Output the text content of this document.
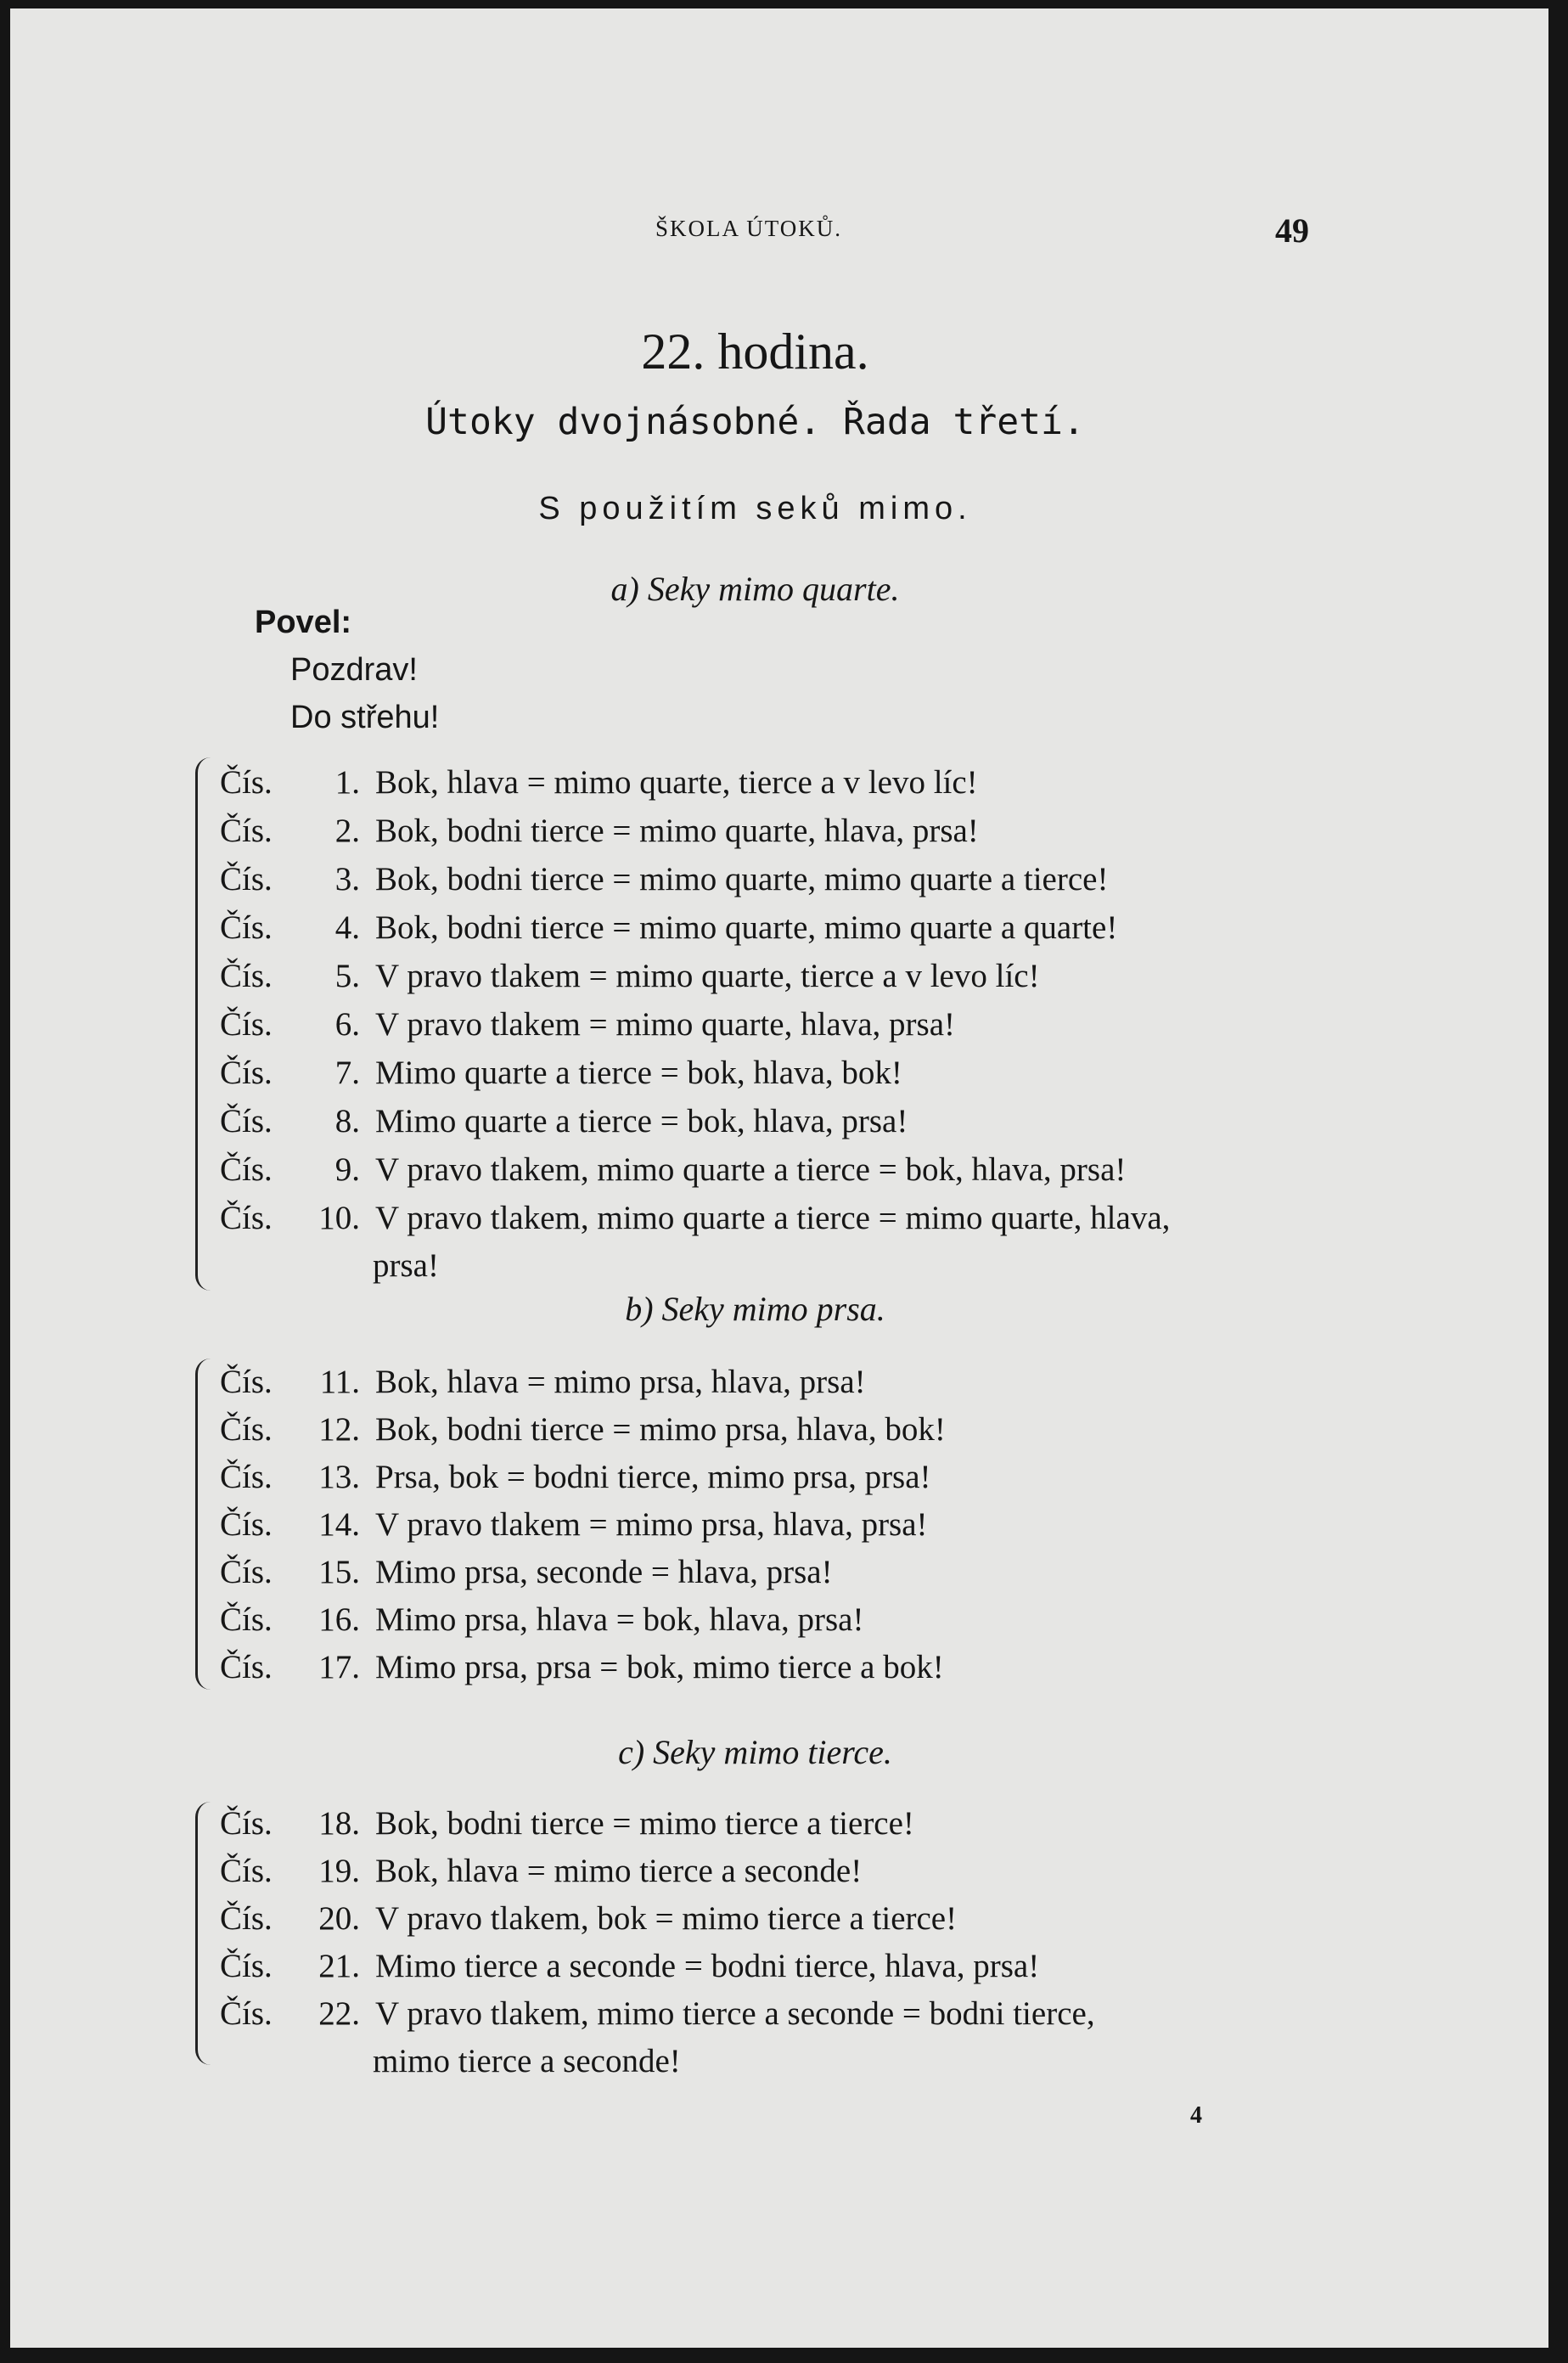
ŠKOLA ÚTOKŮ.	49
22. hodina.
Útoky dvojnásobné. Řada třetí.
S použitím seků mimo.
a) Seky mimo quarte.
Povel:
Pozdrav!
Do střehu!
Čís. 1. Bok, hlava = mimo quarte, tierce a v levo líc!
Čís. 2. Bok, bodni tierce = mimo quarte, hlava, prsa!
Čís. 3. Bok, bodni tierce = mimo quarte, mimo quarte a tierce!
Čís. 4. Bok, bodni tierce = mimo quarte, mimo quarte a quarte!
Čís. 5. V pravo tlakem = mimo quarte, tierce a v levo líc!
Čís. 6. V pravo tlakem = mimo quarte, hlava, prsa!
Čís. 7. Mimo quarte a tierce = bok, hlava, bok!
Čís. 8. Mimo quarte a tierce = bok, hlava, prsa!
Čís. 9. V pravo tlakem, mimo quarte a tierce = bok, hlava, prsa!
Čís. 10. V pravo tlakem, mimo quarte a tierce = mimo quarte, hlava,
prsa!
b) Seky mimo prsa.
Čís. 11. Bok, hlava = mimo prsa, hlava, prsa!
Čís. 12. Bok, bodni tierce = mimo prsa, hlava, bok!
Čís. 13. Prsa, bok = bodni tierce, mimo prsa, prsa!
Čís. 14. V pravo tlakem = mimo prsa, hlava, prsa!
Čís. 15. Mimo prsa, seconde = hlava, prsa!
Čís. 16. Mimo prsa, hlava = bok, hlava, prsa!
Čís. 17. Mimo prsa, prsa = bok, mimo tierce a bok!
c) Seky mimo tierce.
Čís. 18. Bok, bodni tierce = mimo tierce a tierce!
Čís. 19. Bok, hlava = mimo tierce a seconde!
Čís. 20. V pravo tlakem, bok = mimo tierce a tierce!
Čís. 21. Mimo tierce a seconde = bodni tierce, hlava, prsa!
Čís. 22. V pravo tlakem, mimo tierce a seconde = bodni tierce,
mimo tierce a seconde!
4
